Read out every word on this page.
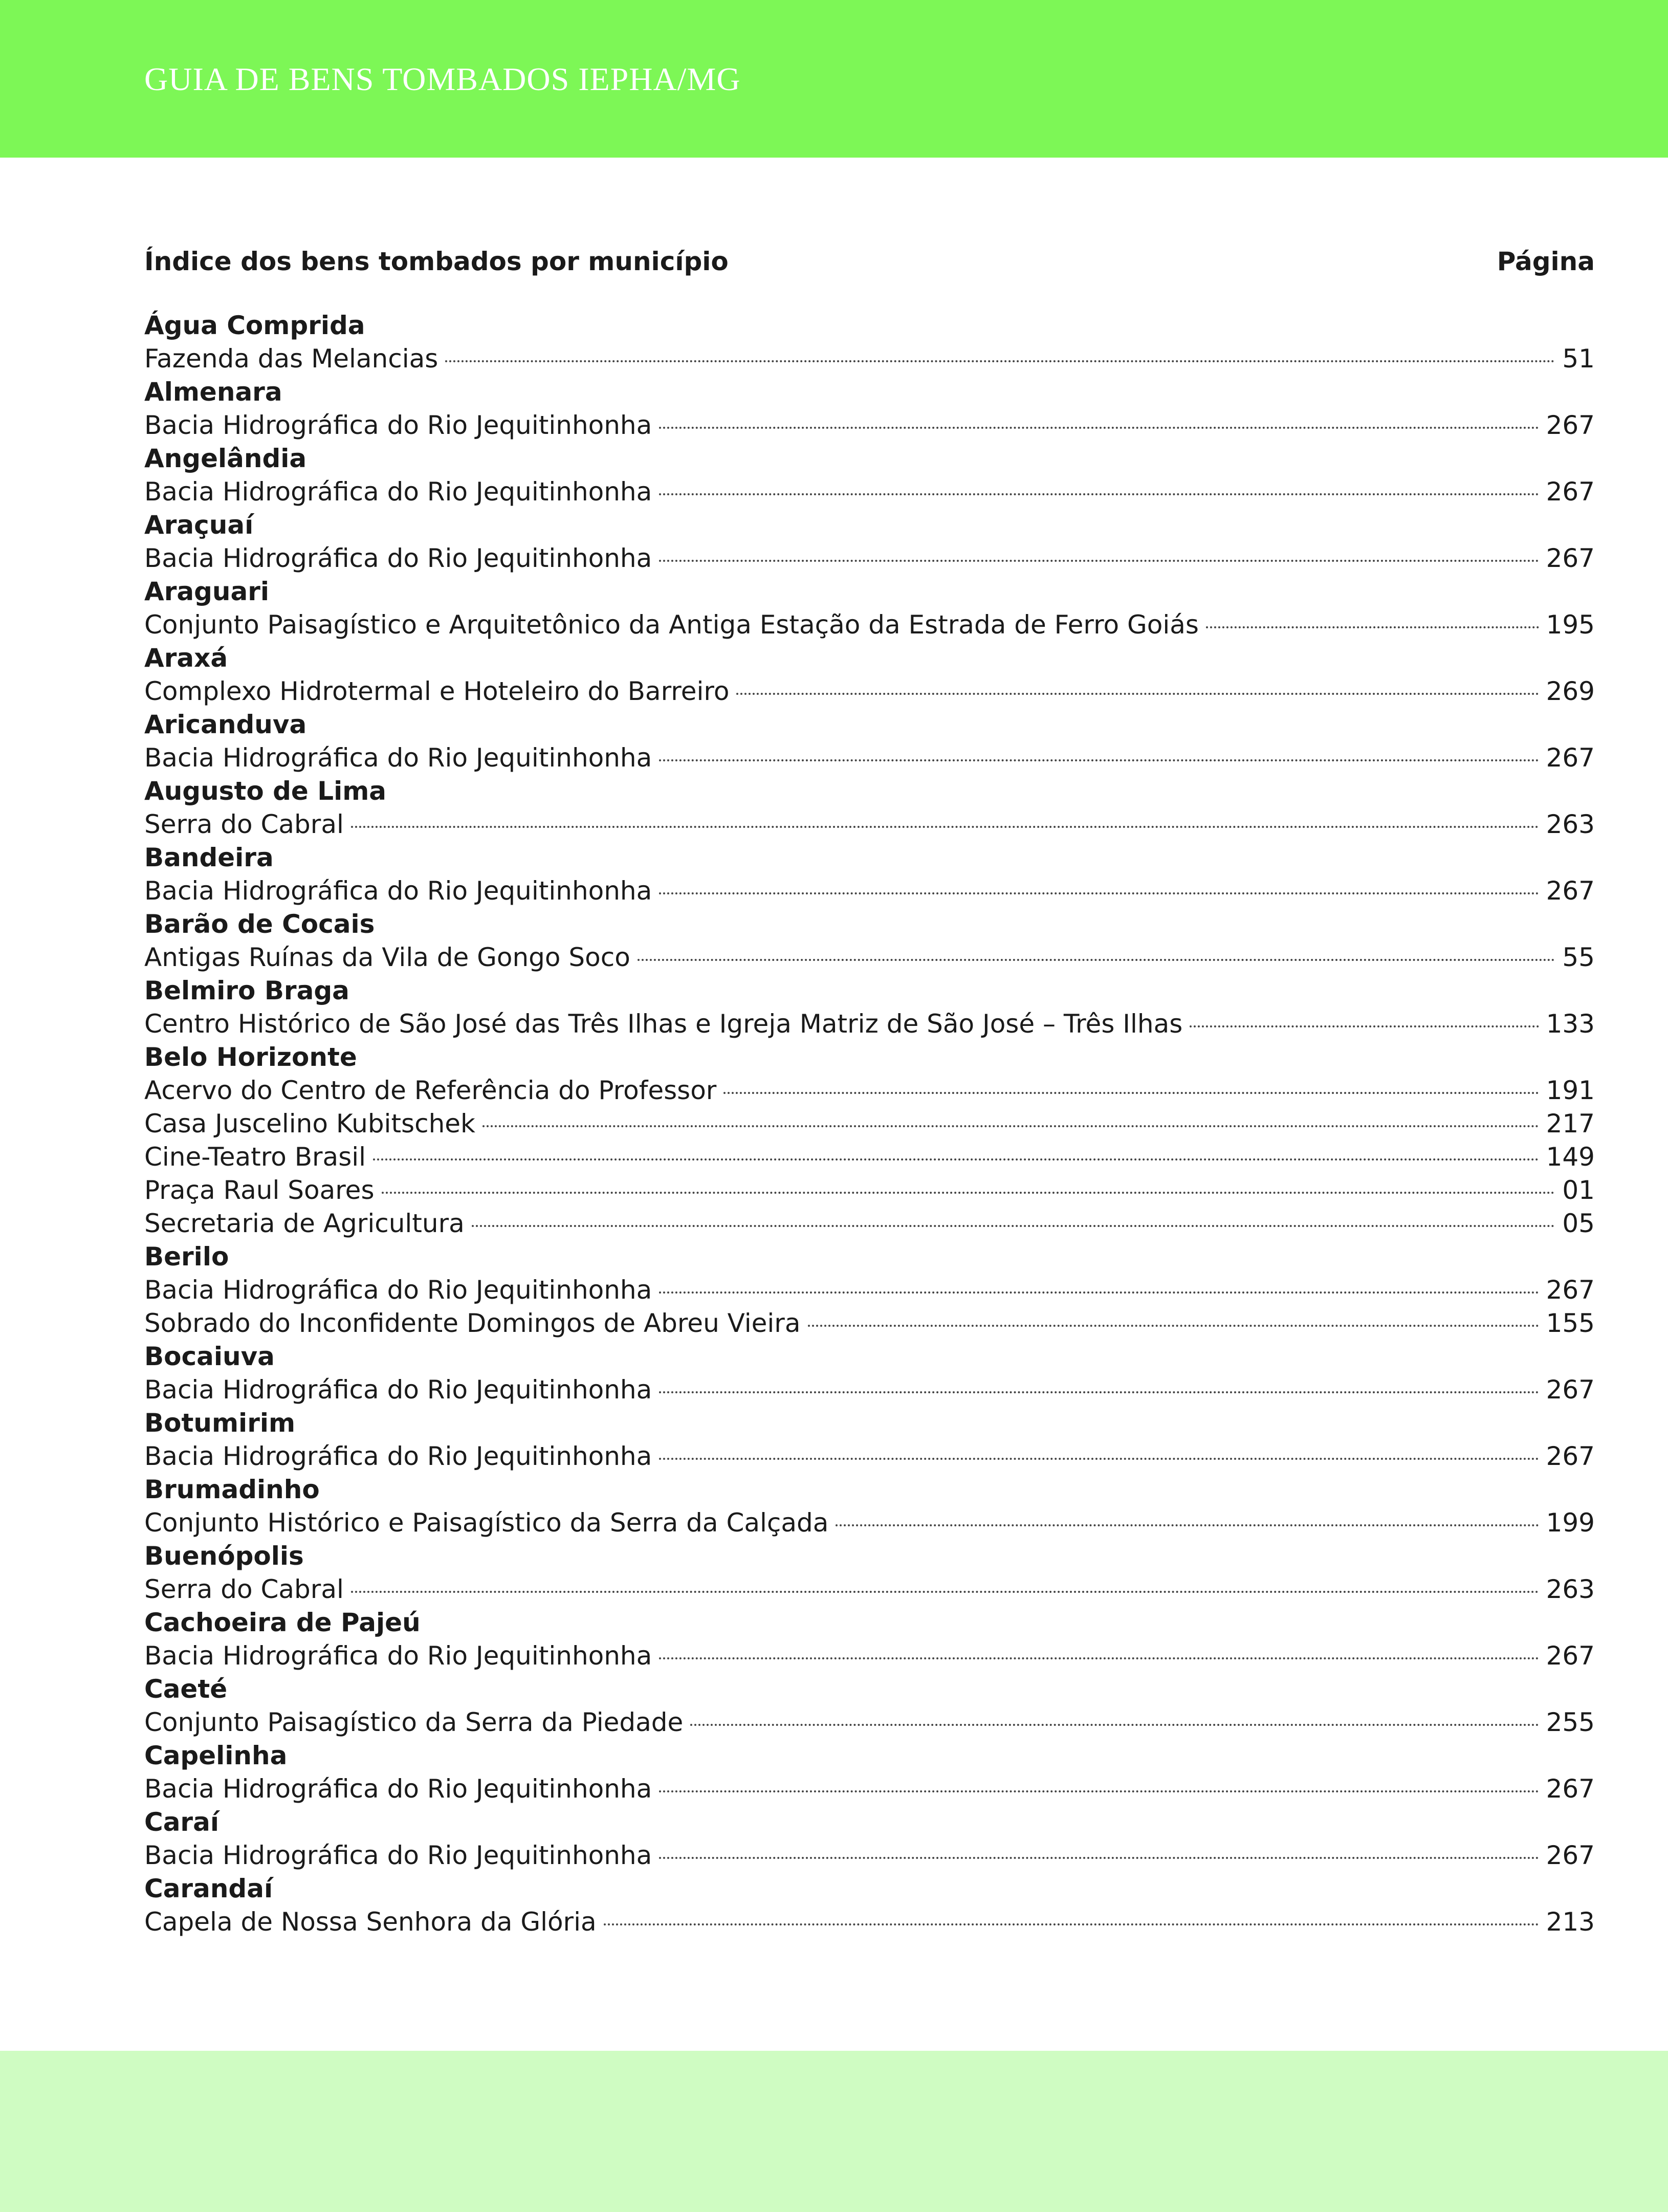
GUIA DE BENS TOMBADOS IEPHA/MG
Índice dos bens tombados por município	Página
Água Comprida
Fazenda das Melancias	51
Almenara
Bacia Hidrográfica do Rio Jequitinhonha	267
Angelândia
Bacia Hidrográfica do Rio Jequitinhonha	267
Araçuaí
Bacia Hidrográfica do Rio Jequitinhonha	267
Araguari
Conjunto Paisagístico e Arquitetônico da Antiga Estação da Estrada de Ferro Goiás	195
Araxá
Complexo Hidrotermal e Hoteleiro do Barreiro	269
Aricanduva
Bacia Hidrográfica do Rio Jequitinhonha	267
Augusto de Lima
Serra do Cabral	263
Bandeira
Bacia Hidrográfica do Rio Jequitinhonha	267
Barão de Cocais
Antigas Ruínas da Vila de Gongo Soco	55
Belmiro Braga
Centro Histórico de São José das Três Ilhas e Igreja Matriz de São José – Três Ilhas	133
Belo Horizonte
Acervo do Centro de Referência do Professor	191
Casa Juscelino Kubitschek	217
Cine-Teatro Brasil	149
Praça Raul Soares	01
Secretaria de Agricultura	05
Berilo
Bacia Hidrográfica do Rio Jequitinhonha	267
Sobrado do Inconfidente Domingos de Abreu Vieira	155
Bocaiuva
Bacia Hidrográfica do Rio Jequitinhonha	267
Botumirim
Bacia Hidrográfica do Rio Jequitinhonha	267
Brumadinho
Conjunto Histórico e Paisagístico da Serra da Calçada	199
Buenópolis
Serra do Cabral	263
Cachoeira de Pajeú
Bacia Hidrográfica do Rio Jequitinhonha	267
Caeté
Conjunto Paisagístico da Serra da Piedade	255
Capelinha
Bacia Hidrográfica do Rio Jequitinhonha	267
Caraí
Bacia Hidrográfica do Rio Jequitinhonha	267
Carandaí
Capela de Nossa Senhora da Glória	213
